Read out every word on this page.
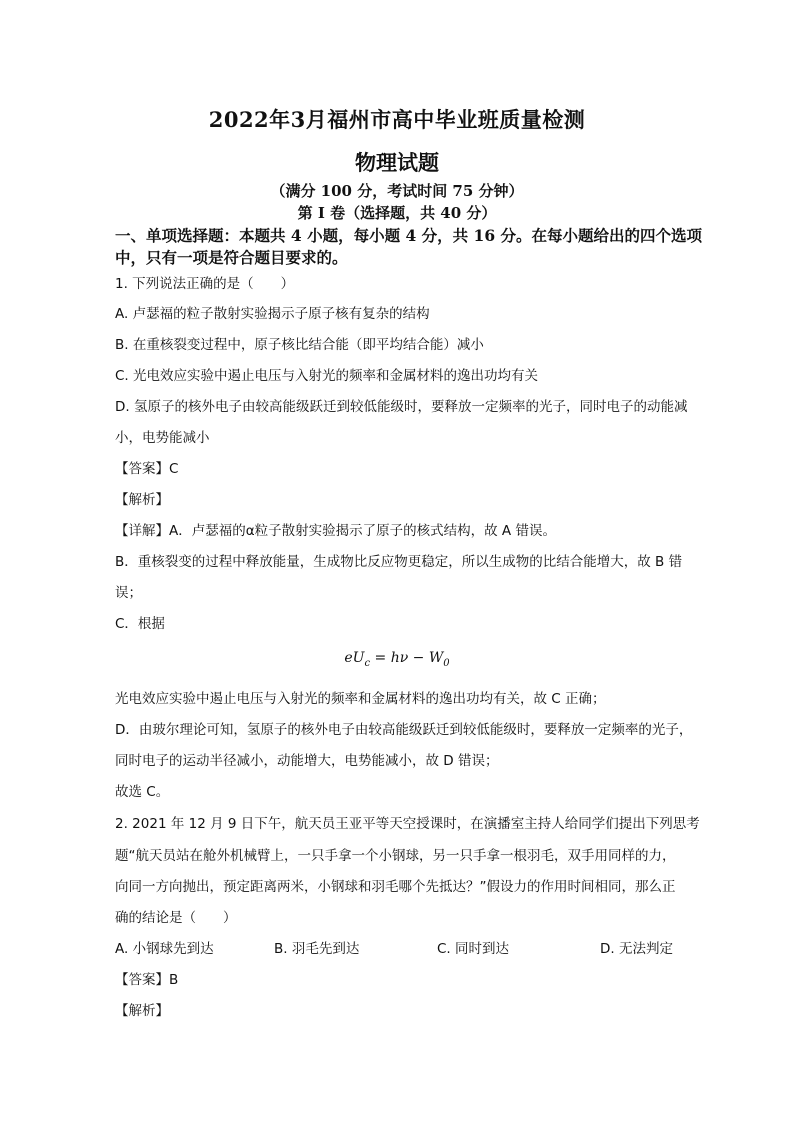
2022年3月福州市高中毕业班质量检测
物理试题
（满分 100 分，考试时间 75 分钟）
第 Ⅰ 卷（选择题，共 40 分）
一、单项选择题：本题共 4 小题，每小题 4 分，共 16 分。在每小题给出的四个选项
中，只有一项是符合题目要求的。
1. 下列说法正确的是（　　）
A. 卢瑟福的粒子散射实验揭示子原子核有复杂的结构
B. 在重核裂变过程中，原子核比结合能（即平均结合能）减小
C. 光电效应实验中遏止电压与入射光的频率和金属材料的逸出功均有关
D. 氢原子的核外电子由较高能级跃迁到较低能级时，要释放一定频率的光子，同时电子的动能减
小，电势能减小
【答案】C
【解析】
【详解】A．卢瑟福的α粒子散射实验揭示了原子的核式结构，故 A 错误。
B．重核裂变的过程中释放能量，生成物比反应物更稳定，所以生成物的比结合能增大，故 B 错
误；
C．根据
$eU_c = h\nu - W_0$
光电效应实验中遏止电压与入射光的频率和金属材料的逸出功均有关，故 C 正确；
D．由玻尔理论可知，氢原子的核外电子由较高能级跃迁到较低能级时，要释放一定频率的光子，
同时电子的运动半径减小，动能增大，电势能减小，故 D 错误；
故选 C。
2. 2021 年 12 月 9 日下午，航天员王亚平等天空授课时，在演播室主持人给同学们提出下列思考
题“航天员站在舱外机械臂上，一只手拿一个小钢球，另一只手拿一根羽毛，双手用同样的力，
向同一方向抛出，预定距离两米，小钢球和羽毛哪个先抵达？”假设力的作用时间相同，那么正
确的结论是（　　）
A. 小钢球先到达	B. 羽毛先到达	C. 同时到达	D. 无法判定
【答案】B
【解析】
